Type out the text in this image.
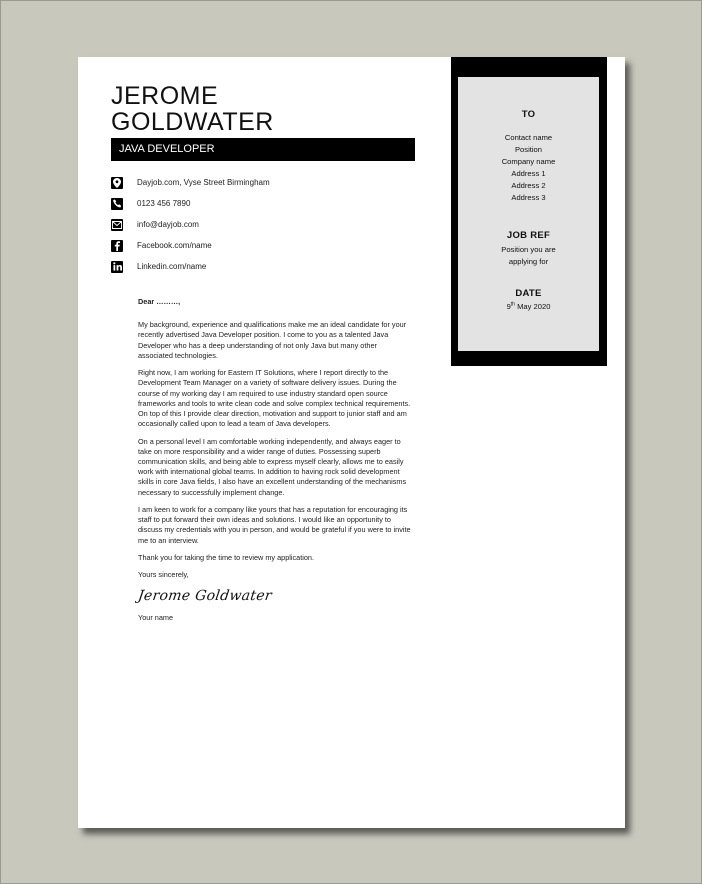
JEROME
GOLDWATER
JAVA DEVELOPER
Dayjob.com, Vyse Street Birmingham
0123 456 7890
info@dayjob.com
Facebook.com/name
Linkedin.com/name
TO
Contact name
Position
Company name
Address 1
Address 2
Address 3
JOB REF
Position you are
applying for
DATE
9th May 2020

Dear ………,

My background, experience and qualifications make me an ideal candidate for your recently advertised Java Developer position. I come to you as a talented Java Developer who has a deep understanding of not only Java but many other associated technologies.

Right now, I am working for Eastern IT Solutions, where I report directly to the Development Team Manager on a variety of software delivery issues. During the course of my working day I am required to use industry standard open source frameworks and tools to write clean code and solve complex technical requirements. On top of this I provide clear direction, motivation and support to junior staff and am occasionally called upon to lead a team of Java developers.

On a personal level I am comfortable working independently, and always eager to take on more responsibility and a wider range of duties. Possessing superb communication skills, and being able to express myself clearly, allows me to easily work with international global teams. In addition to having rock solid development skills in core Java fields, I also have an excellent understanding of the mechanisms necessary to successfully implement change.

I am keen to work for a company like yours that has a reputation for encouraging its staff to put forward their own ideas and solutions. I would like an opportunity to discuss my credentials with you in person, and would be grateful if you were to invite me to an interview.

Thank you for taking the time to review my application.

Yours sincerely,

Jerome Goldwater

Your name
